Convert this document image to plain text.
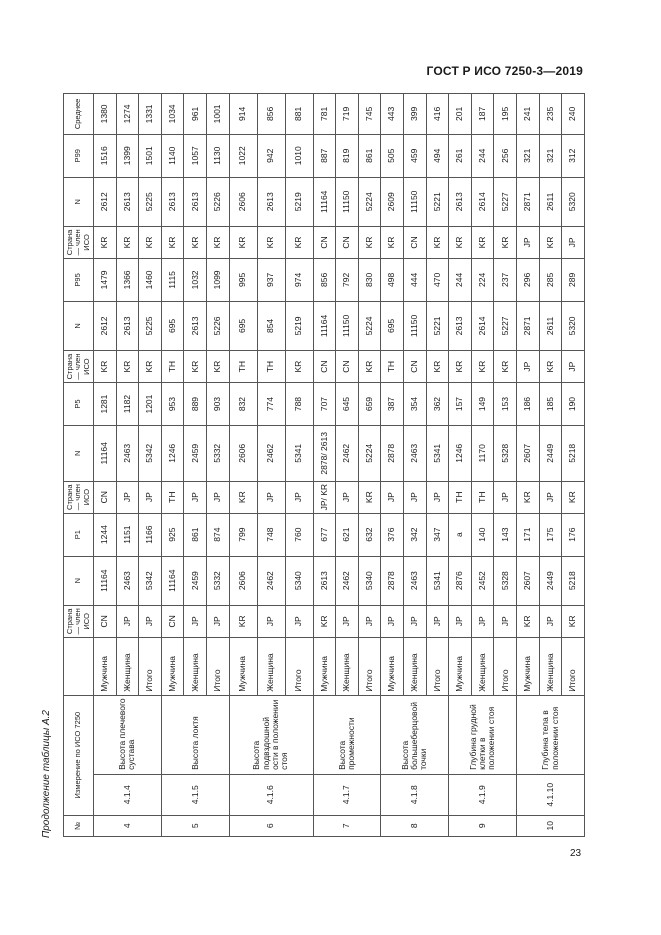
ГОСТ Р ИСО 7250-3—2019
Продолжение таблицы А.2	№	Измерение по ИСО 7250			Страна — член ИСО	N	P1	Страна — член ИСО	N	P5	Страна — член ИСО	N	P95	Страна — член ИСО	N	P99	Среднее
4	4.1.4	Высота плечевого сустава	Мужчина	CN	11164	1244	CN	11164	1281	KR	2612	1479	KR	2612	1516	1380
			Женщина	JP	2463	1151	JP	2463	1182	KR	2613	1366	KR	2613	1399	1274
			Итого	JP	5342	1166	JP	5342	1201	KR	5225	1460	KR	5225	1501	1331
5	4.1.5	Высота локтя	Мужчина	CN	11164	925	TH	1246	953	TH	695	1115	KR	2613	1140	1034
			Женщина	JP	2459	861	JP	2459	889	KR	2613	1032	KR	2613	1057	961
			Итого	JP	5332	874	JP	5332	903	KR	5226	1099	KR	5226	1130	1001
6	4.1.6	Высота подвздошной ости в положении стоя	Мужчина	KR	2606	799	KR	2606	832	TH	695	995	KR	2606	1022	914
			Женщина	JP	2462	748	JP	2462	774	TH	854	937	KR	2613	942	856
			Итого	JP	5340	760	JP	5341	788	KR	5219	974	KR	5219	1010	881
7	4.1.7	Высота промежности	Мужчина	KR	2613	677	JP/ KR	2878/ 2613	707	CN	11164	856	CN	11164	887	781
			Женщина	JP	2462	621	JP	2462	645	CN	11150	792	CN	11150	819	719
			Итого	JP	5340	632	KR	5224	659	KR	5224	830	KR	5224	861	745
8	4.1.8	Высота большеберцовой точки	Мужчина	JP	2878	376	JP	2878	387	TH	695	498	KR	2609	505	443
			Женщина	JP	2463	342	JP	2463	354	CN	11150	444	CN	11150	459	399
			Итого	JP	5341	347	JP	5341	362	KR	5221	470	KR	5221	494	416
9	4.1.9	Глубина грудной клетки в положении стоя	Мужчина	JP	2876	a	TH	1246	157	KR	2613	244	KR	2613	261	201
			Женщина	JP	2452	140	TH	1170	149	KR	2614	224	KR	2614	244	187
			Итого	JP	5328	143	JP	5328	153	KR	5227	237	KR	5227	256	195
10	4.1.10	Глубина тела в положении стоя	Мужчина	KR	2607	171	KR	2607	186	JP	2871	296	JP	2871	321	241
			Женщина	JP	2449	175	JP	2449	185	KR	2611	285	KR	2611	321	235
			Итого	KR	5218	176	KR	5218	190	JP	5320	289	JP	5320	312	240
23
